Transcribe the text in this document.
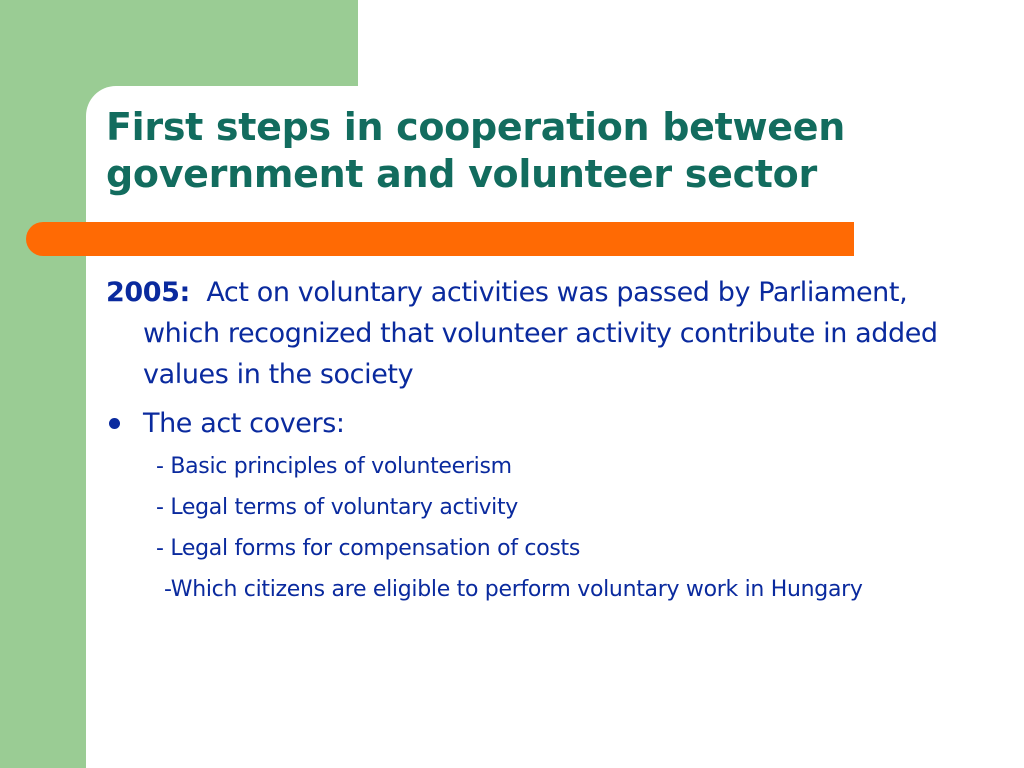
First steps in cooperation between
government and volunteer sector

2005: Act on voluntary activities was passed by Parliament, which recognized that volunteer activity contribute in added values in the society

The act covers:
- Basic principles of volunteerism
- Legal terms of voluntary activity
- Legal forms for compensation of costs
-Which citizens are eligible to perform voluntary work in Hungary
